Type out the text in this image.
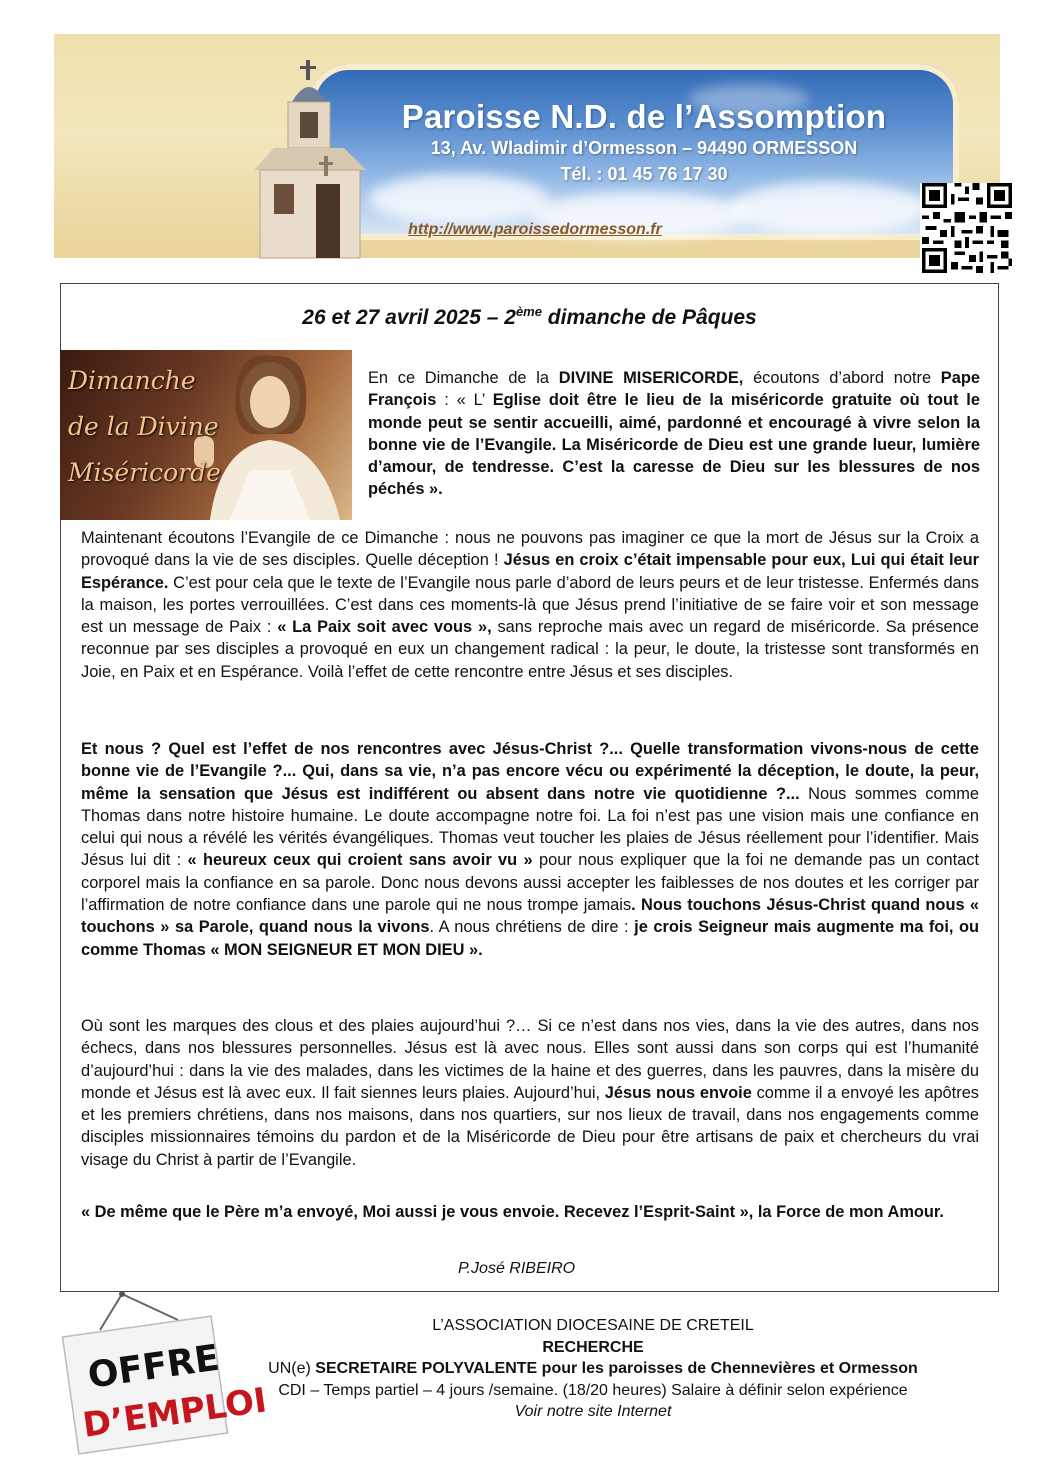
Paroisse N.D. de l’Assomption
13, Av. Wladimir d’Ormesson – 94490 ORMESSON
Tél. : 01 45 76 17 30
http://www.paroissedormesson.fr
26 et 27 avril 2025 – 2ème dimanche de Pâques
Dimanche
de la Divine
Miséricorde
En ce Dimanche de la DIVINE MISERICORDE, écoutons d’abord notre Pape François : « L’ Eglise doit être le lieu de la miséricorde gratuite où tout le monde peut se sentir accueilli, aimé, pardonné et encouragé à vivre selon la bonne vie de l’Evangile. La Miséricorde de Dieu est une grande lueur, lumière d’amour, de tendresse. C’est la caresse de Dieu sur les blessures de nos péchés ».
Maintenant écoutons l’Evangile de ce Dimanche : nous ne pouvons pas imaginer ce que la mort de Jésus sur la Croix a provoqué dans la vie de ses disciples. Quelle déception ! Jésus en croix c’était impensable pour eux, Lui qui était leur Espérance. C’est pour cela que le texte de l’Evangile nous parle d’abord de leurs peurs et de leur tristesse. Enfermés dans la maison, les portes verrouillées. C’est dans ces moments-là que Jésus prend l’initiative de se faire voir et son message est un message de Paix : « La Paix soit avec vous », sans reproche mais avec un regard de miséricorde. Sa présence reconnue par ses disciples a provoqué en eux un changement radical : la peur, le doute, la tristesse sont transformés en Joie, en Paix et en Espérance. Voilà l’effet de cette rencontre entre Jésus et ses disciples.
Et nous ? Quel est l’effet de nos rencontres avec Jésus-Christ ?... Quelle transformation vivons-nous de cette bonne vie de l’Evangile ?... Qui, dans sa vie, n’a pas encore vécu ou expérimenté la déception, le doute, la peur, même la sensation que Jésus est indifférent ou absent dans notre vie quotidienne ?... Nous sommes comme Thomas dans notre histoire humaine. Le doute accompagne notre foi. La foi n’est pas une vision mais une confiance en celui qui nous a révélé les vérités évangéliques. Thomas veut toucher les plaies de Jésus réellement pour l’identifier. Mais Jésus lui dit : « heureux ceux qui croient sans avoir vu » pour nous expliquer que la foi ne demande pas un contact corporel mais la confiance en sa parole. Donc nous devons aussi accepter les faiblesses de nos doutes et les corriger par l’affirmation de notre confiance dans une parole qui ne nous trompe jamais. Nous touchons Jésus-Christ quand nous « touchons » sa Parole, quand nous la vivons. A nous chrétiens de dire : je crois Seigneur mais augmente ma foi, ou comme Thomas « MON SEIGNEUR ET MON DIEU ».
Où sont les marques des clous et des plaies aujourd’hui ?… Si ce n’est dans nos vies, dans la vie des autres, dans nos échecs, dans nos blessures personnelles. Jésus est là avec nous. Elles sont aussi dans son corps qui est l’humanité d’aujourd’hui : dans la vie des malades, dans les victimes de la haine et des guerres, dans les pauvres, dans la misère du monde et Jésus est là avec eux. Il fait siennes leurs plaies. Aujourd’hui, Jésus nous envoie comme il a envoyé les apôtres et les premiers chrétiens, dans nos maisons, dans nos quartiers, sur nos lieux de travail, dans nos engagements comme disciples missionnaires témoins du pardon et de la Miséricorde de Dieu pour être artisans de paix et chercheurs du vrai visage du Christ à partir de l’Evangile.
« De même que le Père m’a envoyé, Moi aussi je vous envoie. Recevez l’Esprit-Saint », la Force de mon Amour.
P.José RIBEIRO
OFFRE
D’EMPLOI
L’ASSOCIATION DIOCESAINE DE CRETEIL
RECHERCHE
UN(e) SECRETAIRE POLYVALENTE pour les paroisses de Chennevières et Ormesson
CDI – Temps partiel – 4 jours /semaine. (18/20 heures) Salaire à définir selon expérience
Voir notre site Internet
